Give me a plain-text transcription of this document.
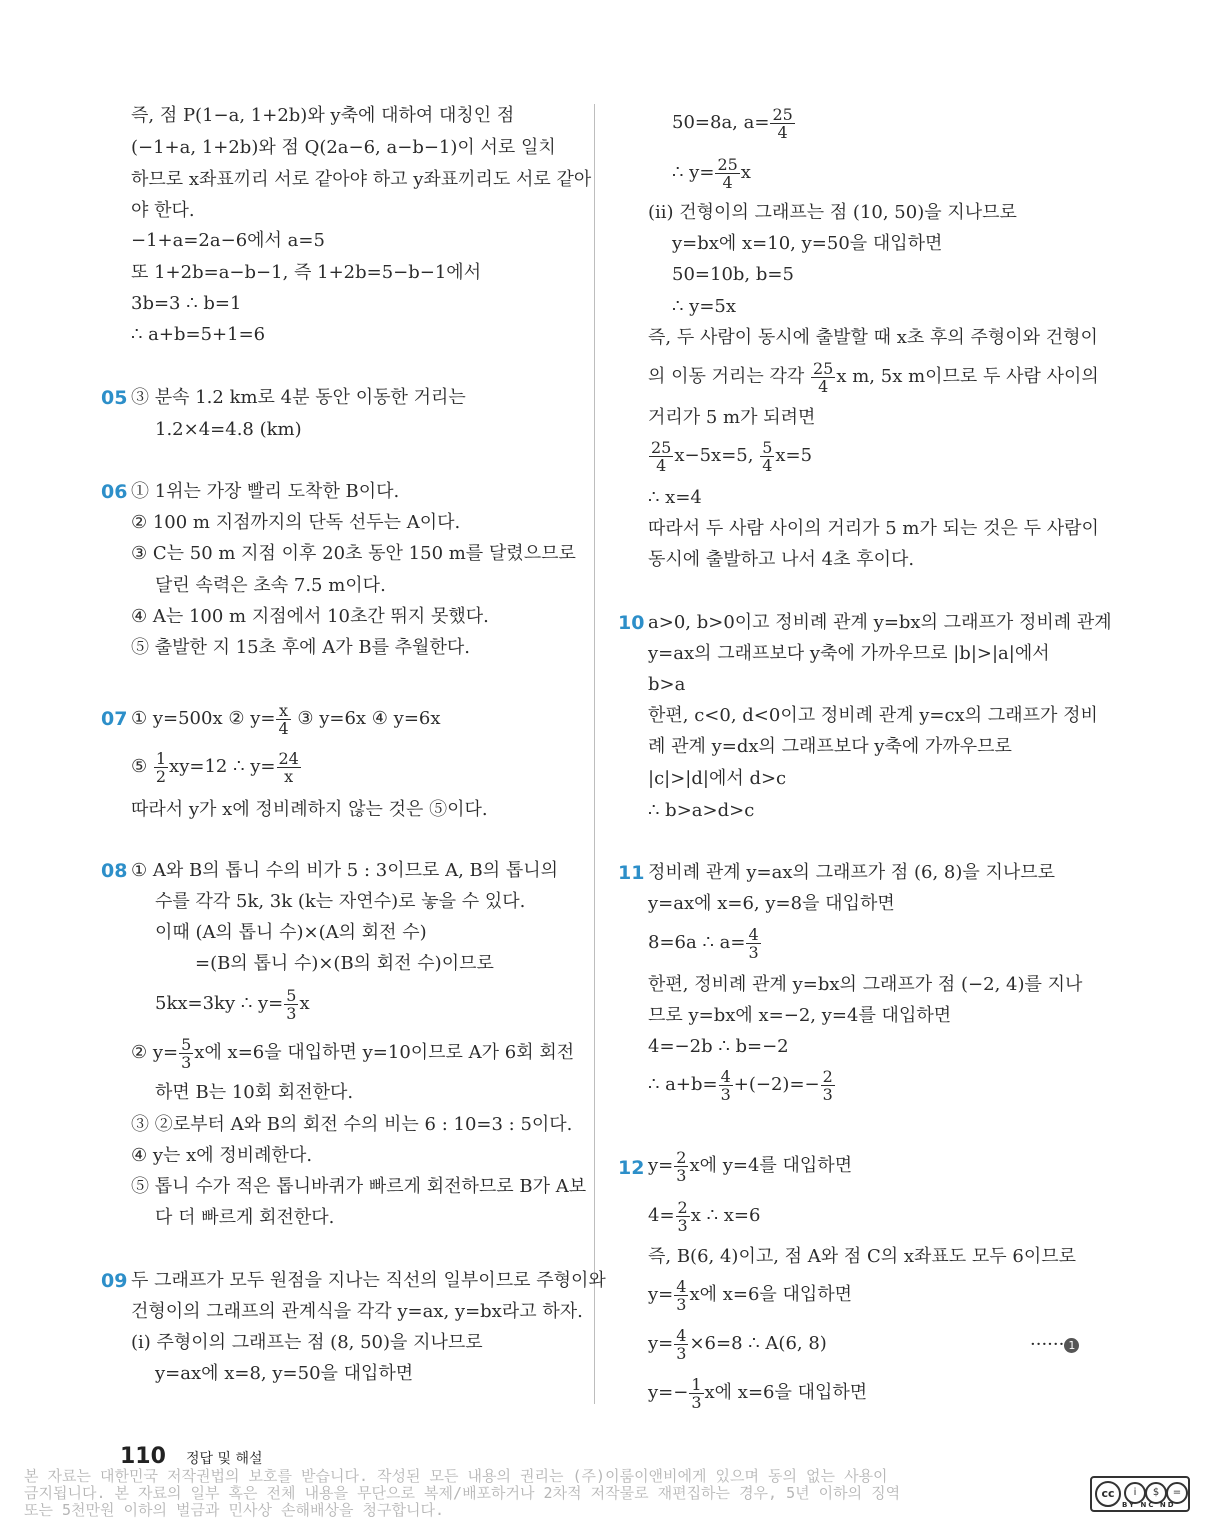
즉, 점 P(1−a, 1+2b)와 y축에 대하여 대칭인 점
(−1+a, 1+2b)와 점 Q(2a−6, a−b−1)이 서로 일치
하므로 x좌표끼리 서로 같아야 하고 y좌표끼리도 서로 같아
야 한다.
−1+a=2a−6에서 a=5
또 1+2b=a−b−1, 즉 1+2b=5−b−1에서
3b=3 ∴ b=1
∴ a+b=5+1=6
05 ③ 분속 1.2 km로 4분 동안 이동한 거리는
1.2×4=4.8 (km)
06 ① 1위는 가장 빨리 도착한 B이다.
② 100 m 지점까지의 단독 선두는 A이다.
③ C는 50 m 지점 이후 20초 동안 150 m를 달렸으므로
달린 속력은 초속 7.5 m이다.
④ A는 100 m 지점에서 10초간 뛰지 못했다.
⑤ 출발한 지 15초 후에 A가 B를 추월한다.
07 ① y=500x ② $y= \frac{x}{4}$ ③ y=6x ④ y=6x
⑤ $\frac{1}{2} xy=12$ ∴ $y= \frac{24}{x}$
따라서 y가 x에 정비례하지 않는 것은 ⑤이다.
08 ① A와 B의 톱니 수의 비가 5 : 3이므로 A, B의 톱니의
수를 각각 5k, 3k (k는 자연수)로 놓을 수 있다.
이때 (A의 톱니 수)×(A의 회전 수)
=(B의 톱니 수)×(B의 회전 수)이므로
5kx=3ky ∴ $y= \frac{5}{3}$ x
② $y= \frac{5}{3}$ x에 x=6을 대입하면 y=10이므로 A가 6회 회전
하면 B는 10회 회전한다.
③ ②로부터 A와 B의 회전 수의 비는 6 : 10=3 : 5이다.
④ y는 x에 정비례한다.
⑤ 톱니 수가 적은 톱니바퀴가 빠르게 회전하므로 B가 A보
다 더 빠르게 회전한다.
09 두 그래프가 모두 원점을 지나는 직선의 일부이므로 주형이와
건형이의 그래프의 관계식을 각각 y=ax, y=bx라고 하자.
(ⅰ) 주형이의 그래프는 점 (8, 50)을 지나므로
y=ax에 x=8, y=50을 대입하면
50=8a, $a= \frac{25}{4}$
∴ $y= \frac{25}{4}$ x
(ⅱ) 건형이의 그래프는 점 (10, 50)을 지나므로
y=bx에 x=10, y=50을 대입하면
50=10b, b=5
∴ y=5x
즉, 두 사람이 동시에 출발할 때 x초 후의 주형이와 건형이
의 이동 거리는 각각 $\frac{25}{4}$ x m, 5x m이므로 두 사람 사이의
거리가 5 m가 되려면
$\frac{25}{4} x-5x=5$, $\frac{5}{4} x=5$
∴ x=4
따라서 두 사람 사이의 거리가 5 m가 되는 것은 두 사람이
동시에 출발하고 나서 4초 후이다.
10 a>0, b>0이고 정비례 관계 y=bx의 그래프가 정비례 관계
y=ax의 그래프보다 y축에 가까우므로 |b|>|a|에서
b>a
한편, c<0, d<0이고 정비례 관계 y=cx의 그래프가 정비
례 관계 y=dx의 그래프보다 y축에 가까우므로
|c|>|d|에서 d>c
∴ b>a>d>c
11 정비례 관계 y=ax의 그래프가 점 (6, 8)을 지나므로
y=ax에 x=6, y=8을 대입하면
8=6a ∴ $a= \frac{4}{3}$
한편, 정비례 관계 y=bx의 그래프가 점 (−2, 4)를 지나
므로 y=bx에 x=−2, y=4를 대입하면
4=−2b ∴ b=−2
∴ $a+b= \frac{4}{3} +(-2)=- \frac{2}{3}$
12 $y= \frac{2}{3}$ x에 y=4를 대입하면
$4= \frac{2}{3}$ x ∴ x=6
즉, B(6, 4)이고, 점 A와 점 C의 x좌표도 모두 6이므로
$y= \frac{4}{3}$ x에 x=6을 대입하면
$y= \frac{4}{3} \times 6=8$ ∴ A(6, 8)	······ 1
$y=- \frac{1}{3}$ x에 x=6을 대입하면
110 정답 및 해설
본 자료는 대한민국 저작권법의 보호를 받습니다. 작성된 모든 내용의 권리는 (주)이룸이앤비에게 있으며 동의 없는 사용이
금지됩니다. 본 자료의 일부 혹은 전체 내용을 무단으로 복제/배포하거나 2차적 저작물로 재편집하는 경우, 5년 이하의 징역
또는 5천만원 이하의 벌금과 민사상 손해배상을 청구합니다.
cc	i	$	=
BY NC ND
